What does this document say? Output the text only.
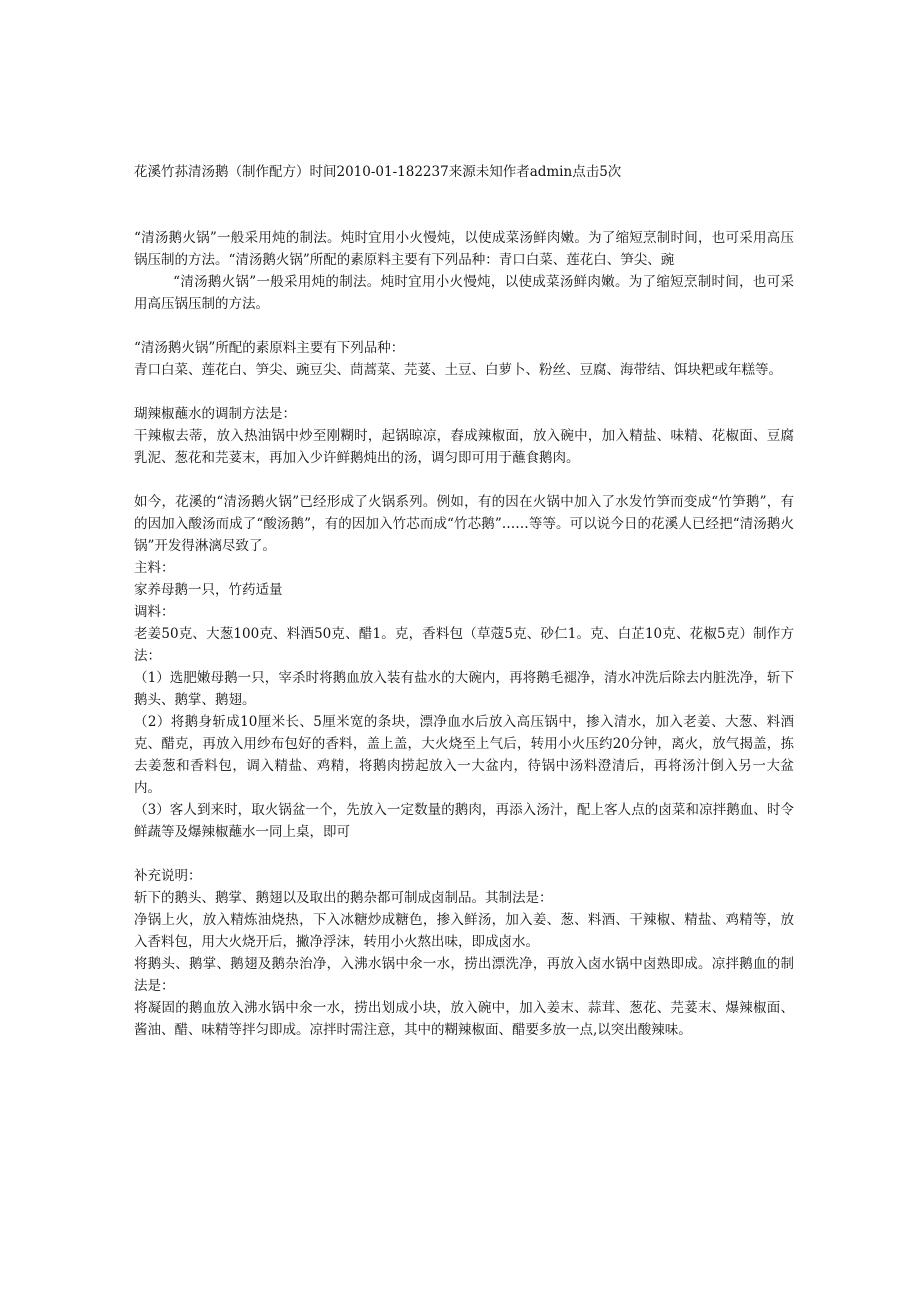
花溪竹荪清汤鹅（制作配方）时间2010-01-182237来源未知作者admin点击5次

“清汤鹅火锅”一般采用炖的制法。炖时宜用小火慢炖，以使成菜汤鲜肉嫩。为了缩短烹制时间，也可采用高压锅压制的方法。“清汤鹅火锅”所配的素原料主要有下列品种：青口白菜、莲花白、笋尖、豌

“清汤鹅火锅”一般采用炖的制法。炖时宜用小火慢炖，以使成菜汤鲜肉嫩。为了缩短烹制时间，也可采用高压锅压制的方法。

“清汤鹅火锅”所配的素原料主要有下列品种：

青口白菜、莲花白、笋尖、豌豆尖、茼蒿菜、芫荽、土豆、白萝卜、粉丝、豆腐、海带结、饵块粑或年糕等。

瑚辣椒蘸水的调制方法是：

干辣椒去蒂，放入热油锅中炒至刚糊时，起锅晾凉，舂成辣椒面，放入碗中，加入精盐、味精、花椒面、豆腐乳泥、葱花和芫荽末，再加入少许鲜鹅炖出的汤，调匀即可用于蘸食鹅肉。

如今，花溪的“清汤鹅火锅”已经形成了火锅系列。例如，有的因在火锅中加入了水发竹笋而变成“竹笋鹅”，有的因加入酸汤而成了“酸汤鹅”，有的因加入竹芯而成“竹芯鹅”……等等。可以说今日的花溪人已经把“清汤鹅火锅”开发得淋漓尽致了。

主料：

家养母鹅一只，竹药适量

调料：

老姜50克、大葱100克、料酒50克、醋1。克，香料包（草蔻5克、砂仁1。克、白芷10克、花椒5克）制作方法：

（1）选肥嫩母鹅一只，宰杀时将鹅血放入装有盐水的大碗内，再将鹅毛褪净，清水冲洗后除去内脏洗净，斩下鹅头、鹅掌、鹅翅。

（2）将鹅身斩成10厘米长、5厘米宽的条块，漂净血水后放入高压锅中，掺入清水，加入老姜、大葱、料酒克、醋克，再放入用纱布包好的香料，盖上盖，大火烧至上气后，转用小火压约20分钟，离火，放气揭盖，拣去姜葱和香料包，调入精盐、鸡精，将鹅肉捞起放入一大盆内，待锅中汤料澄清后，再将汤汁倒入另一大盆内。

（3）客人到来时，取火锅盆一个，先放入一定数量的鹅肉，再添入汤汁，配上客人点的卤菜和凉拌鹅血、时令鲜蔬等及爆辣椒蘸水一同上桌，即可

补充说明：

斩下的鹅头、鹅掌、鹅翅以及取出的鹅杂都可制成卤制品。其制法是：

净锅上火，放入精炼油烧热，下入冰糖炒成糖色，掺入鲜汤，加入姜、葱、料酒、干辣椒、精盐、鸡精等，放入香料包，用大火烧开后，撇净浮沫，转用小火熬出味，即成卤水。

将鹅头、鹅掌、鹅翅及鹅杂治净，入沸水锅中氽一水，捞出漂洗净，再放入卤水锅中卤熟即成。凉拌鹅血的制法是：

将凝固的鹅血放入沸水锅中氽一水，捞出划成小块，放入碗中，加入姜末、蒜茸、葱花、芫荽末、爆辣椒面、酱油、醋、味精等拌匀即成。凉拌时需注意，其中的糊辣椒面、醋要多放一点,以突出酸辣味。
